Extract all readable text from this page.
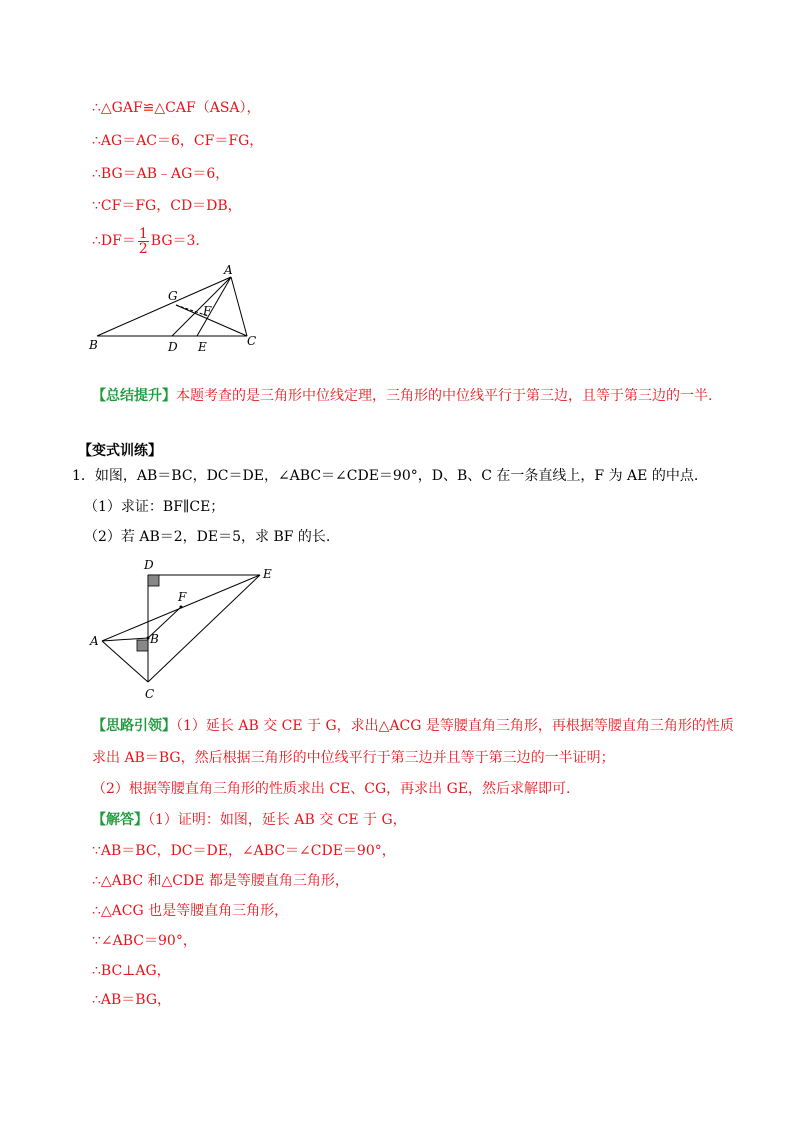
∴△GAF≌△CAF（ASA），
∴AG＝AC＝6，CF＝FG，
∴BG＝AB﹣AG＝6，
∵CF＝FG，CD＝DB，
∴DF＝ $\frac{1}{2} BG=3$.
A
G
F
B	D E	C
【总结提升】本题考查的是三角形中位线定理，三角形的中位线平行于第三边，且等于第三边的一半.
【变式训练】
1．如图，AB＝BC，DC＝DE，∠ABC＝∠CDE＝90°，D、B、C 在一条直线上，F 为 AE 的中点.
（1）求证：BF∥CE；
（2）若 AB＝2，DE＝5，求 BF 的长.
D
E
F
A	B
C
【思路引领】（1）延长 AB 交 CE 于 G，求出△ACG 是等腰直角三角形，再根据等腰直角三角形的性质
求出 AB＝BG，然后根据三角形的中位线平行于第三边并且等于第三边的一半证明；
（2）根据等腰直角三角形的性质求出 CE、CG，再求出 GE，然后求解即可.
【解答】（1）证明：如图，延长 AB 交 CE 于 G，
∵AB＝BC，DC＝DE，∠ABC＝∠CDE＝90°，
∴△ABC 和△CDE 都是等腰直角三角形，
∴△ACG 也是等腰直角三角形，
∵∠ABC＝90°，
∴BC⊥AG，
∴AB＝BG，
